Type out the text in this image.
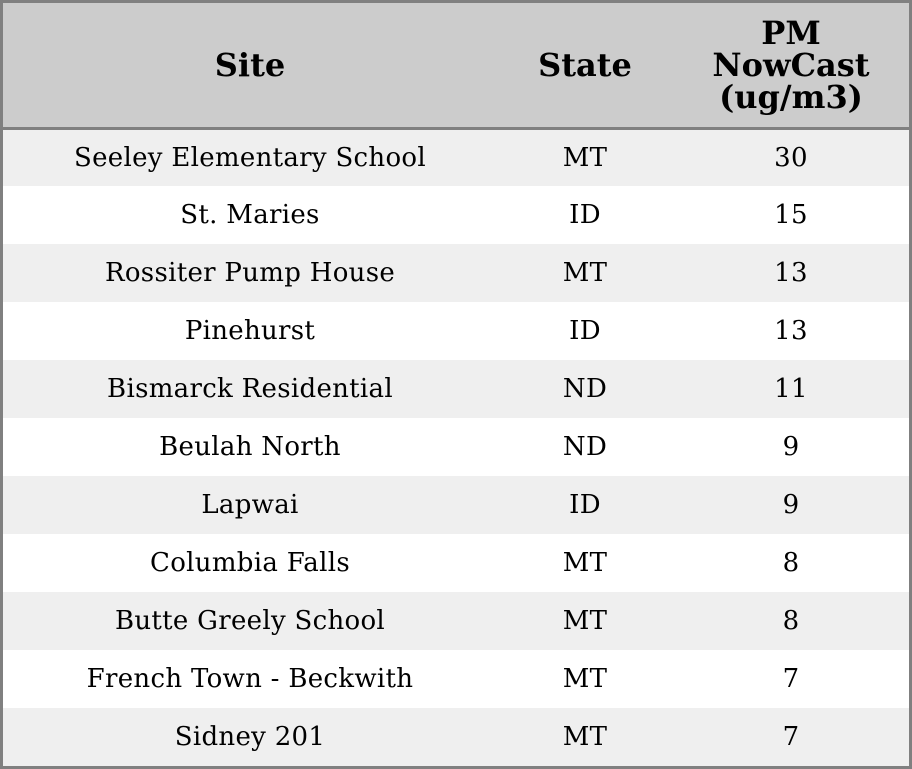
Site	State	PM NowCast (ug/m3)
Seeley Elementary School	MT	30
St. Maries	ID	15
Rossiter Pump House	MT	13
Pinehurst	ID	13
Bismarck Residential	ND	11
Beulah North	ND	9
Lapwai	ID	9
Columbia Falls	MT	8
Butte Greely School	MT	8
French Town - Beckwith	MT	7
Sidney 201	MT	7
